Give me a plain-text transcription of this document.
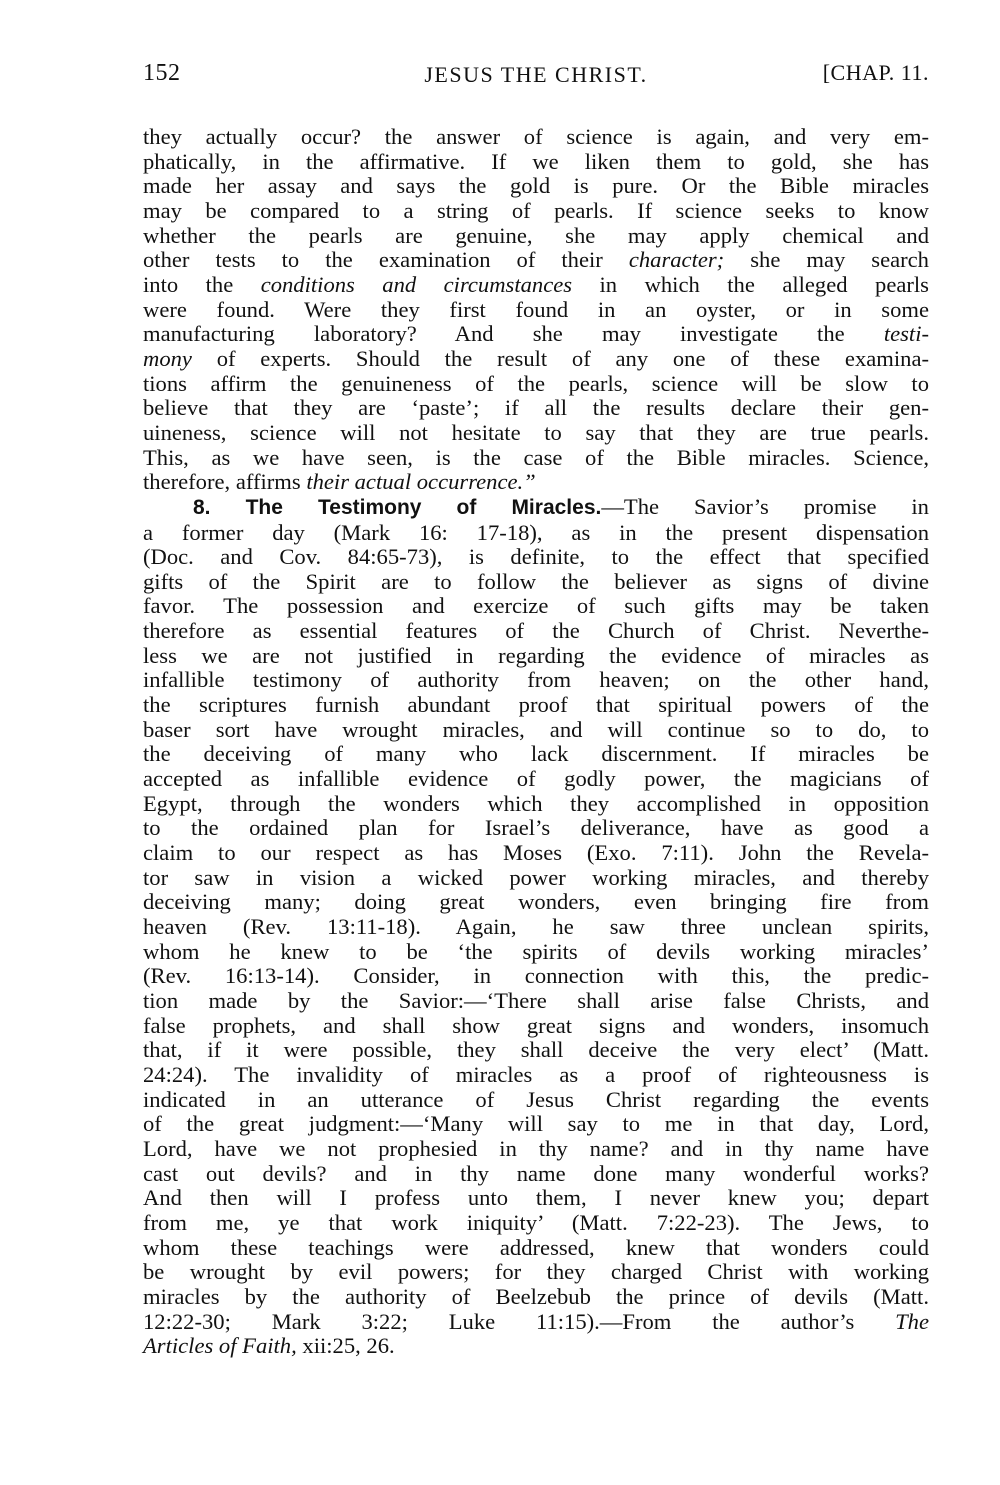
152	JESUS THE CHRIST.	[CHAP. 11.
they actually occur? the answer of science is again, and very em-
phatically, in the affirmative. If we liken them to gold, she has
made her assay and says the gold is pure. Or the Bible miracles
may be compared to a string of pearls. If science seeks to know
whether the pearls are genuine, she may apply chemical and
other tests to the examination of their character; she may search
into the conditions and circumstances in which the alleged pearls
were found. Were they first found in an oyster, or in some
manufacturing laboratory? And she may investigate the testi-
mony of experts. Should the result of any one of these examina-
tions affirm the genuineness of the pearls, science will be slow to
believe that they are ‘paste’; if all the results declare their gen-
uineness, science will not hesitate to say that they are true pearls.
This, as we have seen, is the case of the Bible miracles. Science,
therefore, affirms their actual occurrence.”
8. The Testimony of Miracles.—The Savior’s promise in
a former day (Mark 16: 17-18), as in the present dispensation
(Doc. and Cov. 84:65-73), is definite, to the effect that specified
gifts of the Spirit are to follow the believer as signs of divine
favor. The possession and exercize of such gifts may be taken
therefore as essential features of the Church of Christ. Neverthe-
less we are not justified in regarding the evidence of miracles as
infallible testimony of authority from heaven; on the other hand,
the scriptures furnish abundant proof that spiritual powers of the
baser sort have wrought miracles, and will continue so to do, to
the deceiving of many who lack discernment. If miracles be
accepted as infallible evidence of godly power, the magicians of
Egypt, through the wonders which they accomplished in opposition
to the ordained plan for Israel’s deliverance, have as good a
claim to our respect as has Moses (Exo. 7:11). John the Revela-
tor saw in vision a wicked power working miracles, and thereby
deceiving many; doing great wonders, even bringing fire from
heaven (Rev. 13:11-18). Again, he saw three unclean spirits,
whom he knew to be ‘the spirits of devils working miracles’
(Rev. 16:13-14). Consider, in connection with this, the predic-
tion made by the Savior:—‘There shall arise false Christs, and
false prophets, and shall show great signs and wonders, insomuch
that, if it were possible, they shall deceive the very elect’ (Matt.
24:24). The invalidity of miracles as a proof of righteousness is
indicated in an utterance of Jesus Christ regarding the events
of the great judgment:—‘Many will say to me in that day, Lord,
Lord, have we not prophesied in thy name? and in thy name have
cast out devils? and in thy name done many wonderful works?
And then will I profess unto them, I never knew you; depart
from me, ye that work iniquity’ (Matt. 7:22-23). The Jews, to
whom these teachings were addressed, knew that wonders could
be wrought by evil powers; for they charged Christ with working
miracles by the authority of Beelzebub the prince of devils (Matt.
12:22-30; Mark 3:22; Luke 11:15).—From the author’s The
Articles of Faith, xii:25, 26.
